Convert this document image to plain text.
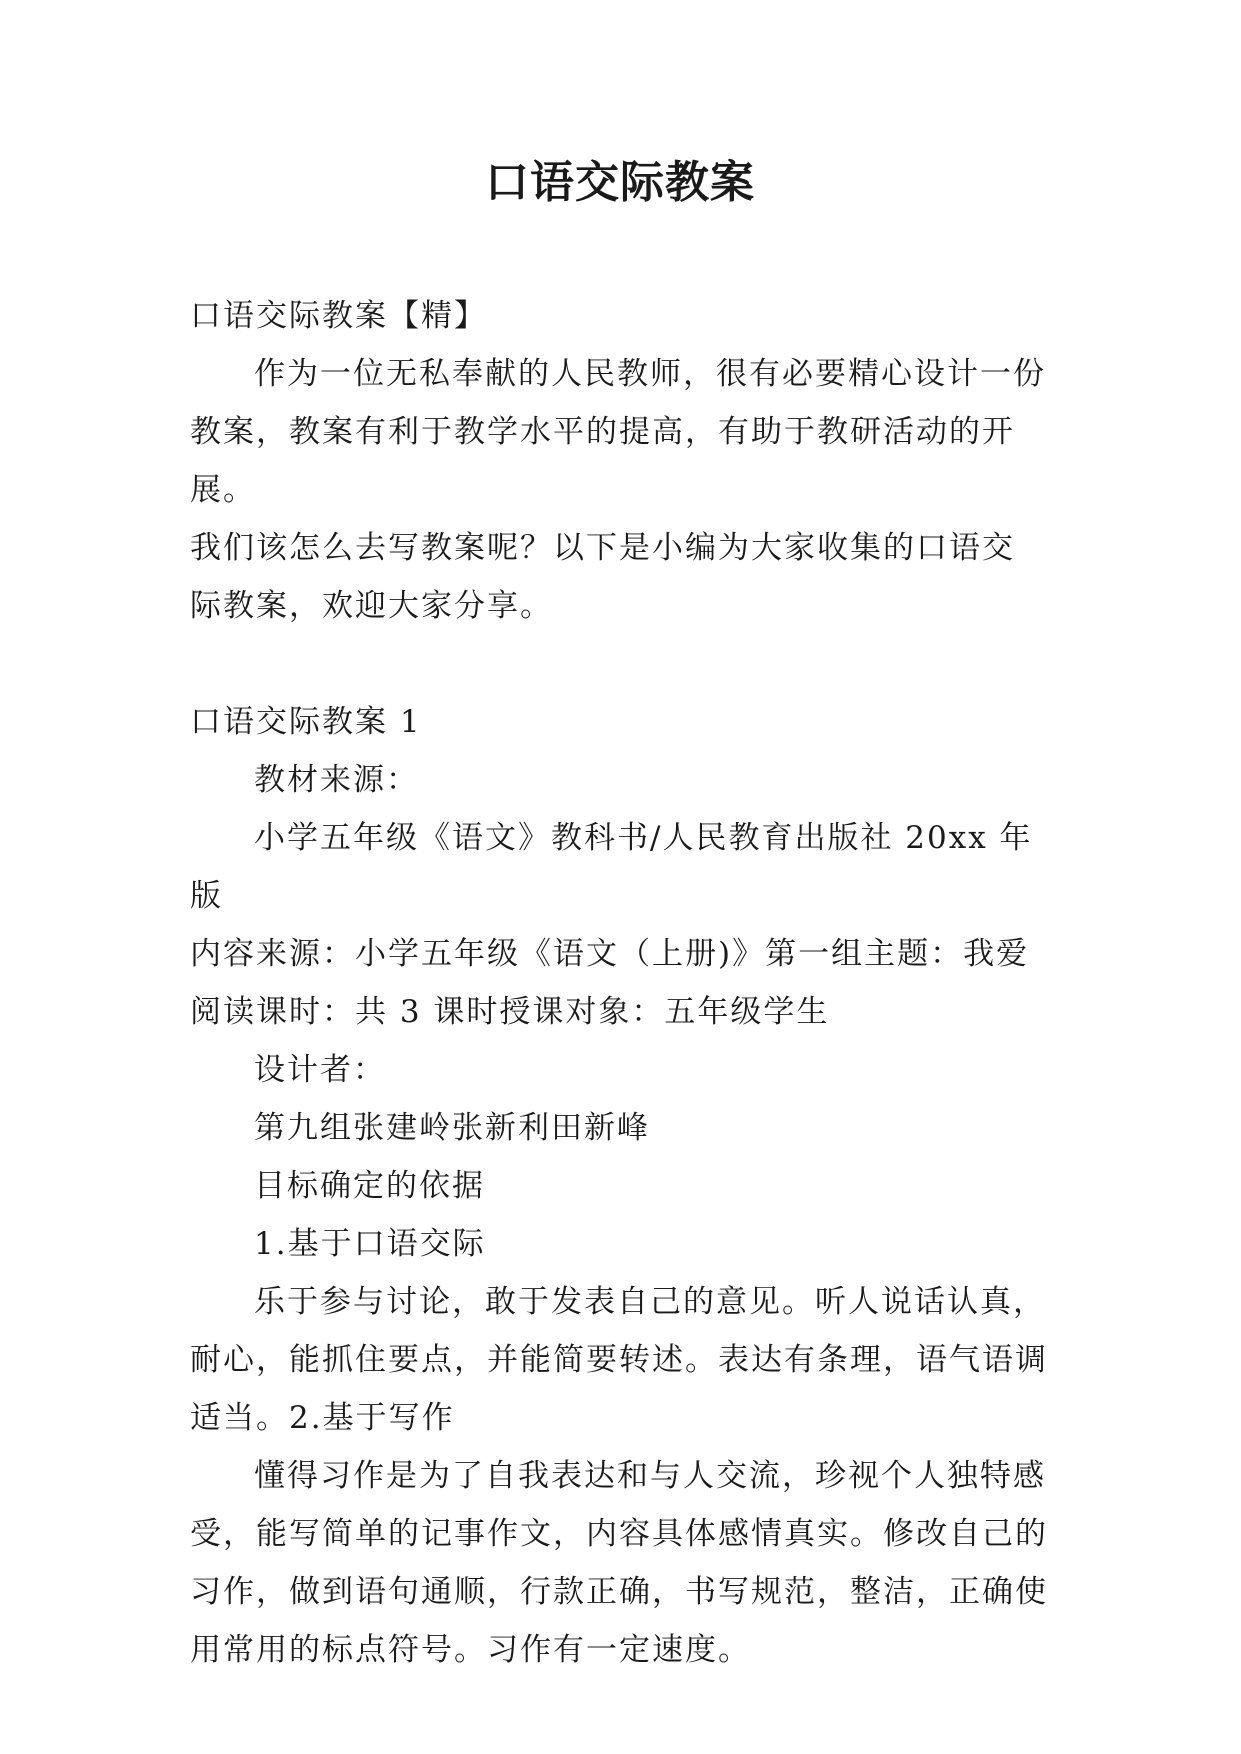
口语交际教案

口语交际教案【精】

作为一位无私奉献的人民教师，很有必要精心设计一份

教案，教案有利于教学水平的提高，有助于教研活动的开展。

我们该怎么去写教案呢？以下是小编为大家收集的口语交

际教案，欢迎大家分享。

口语交际教案 1

教材来源：

小学五年级《语文》教科书/人民教育出版社 20xx 年版

内容来源：小学五年级《语文（上册)》第一组主题：我爱

阅读课时：共 3 课时授课对象：五年级学生

设计者：

第九组张建岭张新利田新峰

目标确定的依据

1.基于口语交际

乐于参与讨论，敢于发表自己的意见。听人说话认真，

耐心，能抓住要点，并能简要转述。表达有条理，语气语调

适当。2.基于写作

懂得习作是为了自我表达和与人交流，珍视个人独特感

受，能写简单的记事作文，内容具体感情真实。修改自己的

习作，做到语句通顺，行款正确，书写规范，整洁，正确使

用常用的标点符号。习作有一定速度。
